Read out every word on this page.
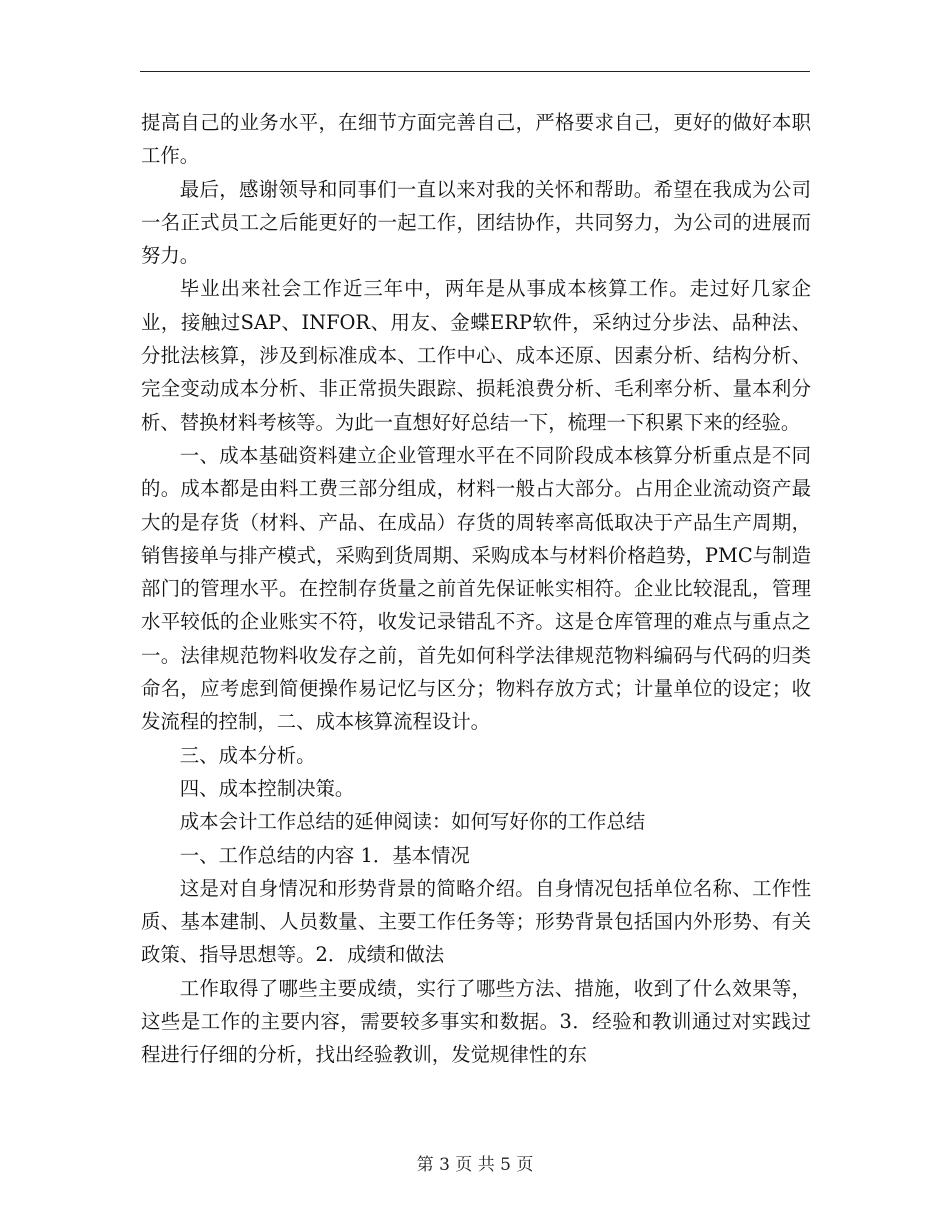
提高自己的业务水平，在细节方面完善自己，严格要求自己，更好的做好本职工作。

最后，感谢领导和同事们一直以来对我的关怀和帮助。希望在我成为公司一名正式员工之后能更好的一起工作，团结协作，共同努力，为公司的进展而努力。

毕业出来社会工作近三年中，两年是从事成本核算工作。走过好几家企业，接触过SAP、INFOR、用友、金蝶ERP软件，采纳过分步法、品种法、分批法核算，涉及到标准成本、工作中心、成本还原、因素分析、结构分析、完全变动成本分析、非正常损失跟踪、损耗浪费分析、毛利率分析、量本利分析、替换材料考核等。为此一直想好好总结一下，梳理一下积累下来的经验。

一、成本基础资料建立企业管理水平在不同阶段成本核算分析重点是不同的。成本都是由料工费三部分组成，材料一般占大部分。占用企业流动资产最大的是存货（材料、产品、在成品）存货的周转率高低取决于产品生产周期，销售接单与排产模式，采购到货周期、采购成本与材料价格趋势，PMC与制造部门的管理水平。在控制存货量之前首先保证帐实相符。企业比较混乱，管理水平较低的企业账实不符，收发记录错乱不齐。这是仓库管理的难点与重点之一。法律规范物料收发存之前，首先如何科学法律规范物料编码与代码的归类命名，应考虑到简便操作易记忆与区分；物料存放方式；计量单位的设定；收发流程的控制，二、成本核算流程设计。

三、成本分析。

四、成本控制决策。

成本会计工作总结的延伸阅读：如何写好你的工作总结

一、工作总结的内容 1．基本情况

这是对自身情况和形势背景的简略介绍。自身情况包括单位名称、工作性质、基本建制、人员数量、主要工作任务等；形势背景包括国内外形势、有关政策、指导思想等。2．成绩和做法

工作取得了哪些主要成绩，实行了哪些方法、措施，收到了什么效果等，这些是工作的主要内容，需要较多事实和数据。3．经验和教训通过对实践过程进行仔细的分析，找出经验教训，发觉规律性的东

第 3 页 共 5 页
